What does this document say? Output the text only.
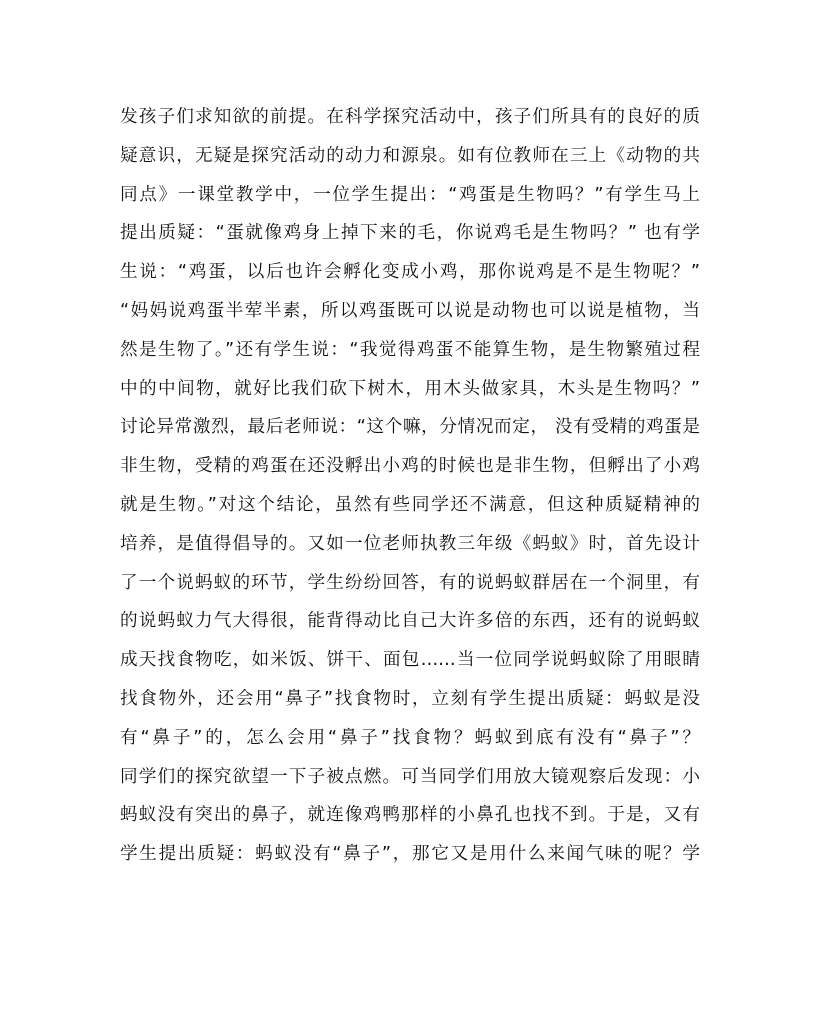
发孩子们求知欲的前提。在科学探究活动中，孩子们所具有的良好的质
疑意识，无疑是探究活动的动力和源泉。如有位教师在三上《动物的共
同点》一课堂教学中，一位学生提出：“鸡蛋是生物吗？”有学生马上
提出质疑：“蛋就像鸡身上掉下来的毛，你说鸡毛是生物吗？” 也有学
生说：“鸡蛋，以后也许会孵化变成小鸡，那你说鸡是不是生物呢？”
“妈妈说鸡蛋半荤半素，所以鸡蛋既可以说是动物也可以说是植物，当
然是生物了。”还有学生说：“我觉得鸡蛋不能算生物，是生物繁殖过程
中的中间物，就好比我们砍下树木，用木头做家具，木头是生物吗？”
讨论异常激烈，最后老师说：“这个嘛，分情况而定， 没有受精的鸡蛋是
非生物，受精的鸡蛋在还没孵出小鸡的时候也是非生物，但孵出了小鸡
就是生物。”对这个结论，虽然有些同学还不满意，但这种质疑精神的
培养，是值得倡导的。又如一位老师执教三年级《蚂蚁》时，首先设计
了一个说蚂蚁的环节，学生纷纷回答，有的说蚂蚁群居在一个洞里，有
的说蚂蚁力气大得很，能背得动比自己大许多倍的东西，还有的说蚂蚁
成天找食物吃，如米饭、饼干、面包……当一位同学说蚂蚁除了用眼睛
找食物外，还会用“鼻子”找食物时，立刻有学生提出质疑：蚂蚁是没
有“鼻子”的，怎么会用“鼻子”找食物？蚂蚁到底有没有“鼻子”？
同学们的探究欲望一下子被点燃。可当同学们用放大镜观察后发现：小
蚂蚁没有突出的鼻子，就连像鸡鸭那样的小鼻孔也找不到。于是，又有
学生提出质疑：蚂蚁没有“鼻子”，那它又是用什么来闻气味的呢？学
